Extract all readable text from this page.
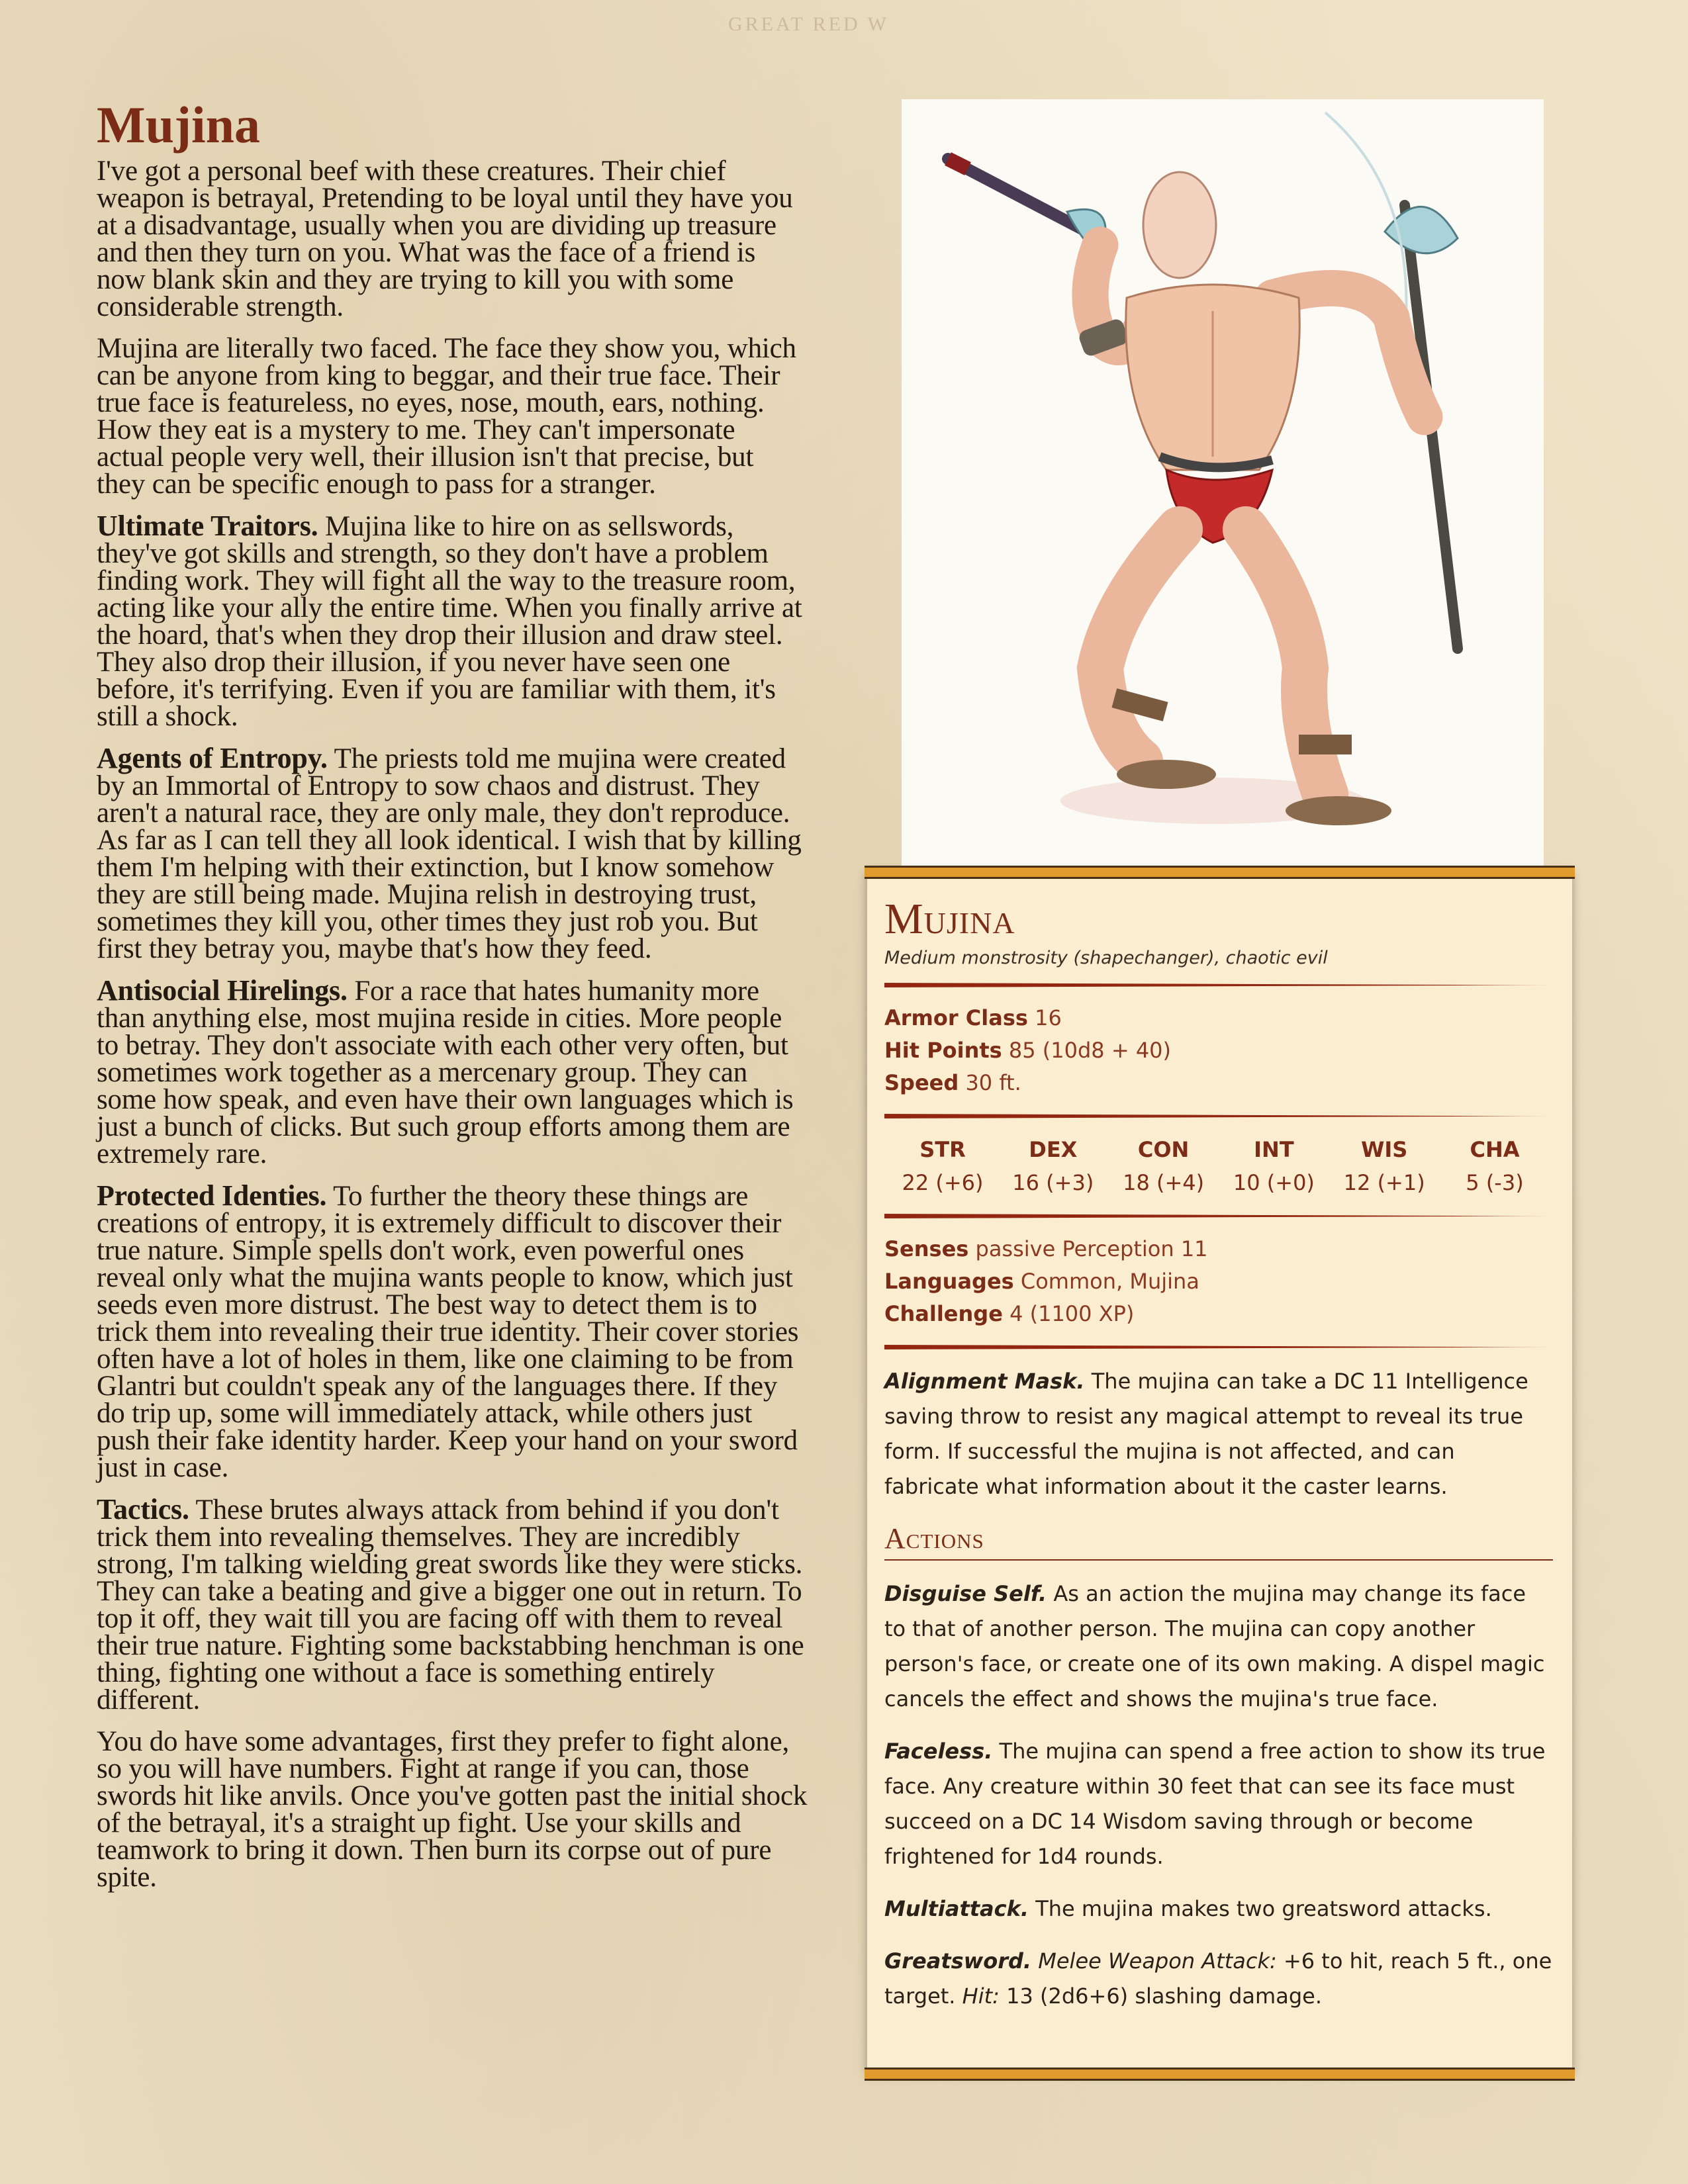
GREAT RED W
Mujina

I've got a personal beef with these creatures. Their chief weapon is betrayal, Pretending to be loyal until they have you at a disadvantage, usually when you are dividing up treasure and then they turn on you. What was the face of a friend is now blank skin and they are trying to kill you with some considerable strength.

Mujina are literally two faced. The face they show you, which can be anyone from king to beggar, and their true face. Their true face is featureless, no eyes, nose, mouth, ears, nothing. How they eat is a mystery to me. They can't impersonate actual people very well, their illusion isn't that precise, but they can be specific enough to pass for a stranger.

Ultimate Traitors. Mujina like to hire on as sellswords, they've got skills and strength, so they don't have a problem finding work. They will fight all the way to the treasure room, acting like your ally the entire time. When you finally arrive at the hoard, that's when they drop their illusion and draw steel. They also drop their illusion, if you never have seen one before, it's terrifying. Even if you are familiar with them, it's still a shock.

Agents of Entropy. The priests told me mujina were created by an Immortal of Entropy to sow chaos and distrust. They aren't a natural race, they are only male, they don't reproduce. As far as I can tell they all look identical. I wish that by killing them I'm helping with their extinction, but I know somehow they are still being made. Mujina relish in destroying trust, sometimes they kill you, other times they just rob you. But first they betray you, maybe that's how they feed.

Antisocial Hirelings. For a race that hates humanity more than anything else, most mujina reside in cities. More people to betray. They don't associate with each other very often, but sometimes work together as a mercenary group. They can some how speak, and even have their own languages which is just a bunch of clicks. But such group efforts among them are extremely rare.

Protected Identies. To further the theory these things are creations of entropy, it is extremely difficult to discover their true nature. Simple spells don't work, even powerful ones reveal only what the mujina wants people to know, which just seeds even more distrust. The best way to detect them is to trick them into revealing their true identity. Their cover stories often have a lot of holes in them, like one claiming to be from Glantri but couldn't speak any of the languages there. If they do trip up, some will immediately attack, while others just push their fake identity harder. Keep your hand on your sword just in case.

Tactics. These brutes always attack from behind if you don't trick them into revealing themselves. They are incredibly strong, I'm talking wielding great swords like they were sticks. They can take a beating and give a bigger one out in return. To top it off, they wait till you are facing off with them to reveal their true nature. Fighting some backstabbing henchman is one thing, fighting one without a face is something entirely different.

You do have some advantages, first they prefer to fight alone, so you will have numbers. Fight at range if you can, those swords hit like anvils. Once you've gotten past the initial shock of the betrayal, it's a straight up fight. Use your skills and teamwork to bring it down. Then burn its corpse out of pure spite.

Mujina
Medium monstrosity (shapechanger), chaotic evil
Armor Class 16
Hit Points 85 (10d8 + 40)
Speed 30 ft.
STR
22 (+6)
DEX
16 (+3)
CON
18 (+4)
INT
10 (+0)
WIS
12 (+1)
CHA
5 (-3)
Senses passive Perception 11
Languages Common, Mujina
Challenge 4 (1100 XP)

Alignment Mask. The mujina can take a DC 11 Intelligence saving throw to resist any magical attempt to reveal its true form. If successful the mujina is not affected, and can fabricate what information about it the caster learns.

Actions

Disguise Self. As an action the mujina may change its face to that of another person. The mujina can copy another person's face, or create one of its own making. A dispel magic cancels the effect and shows the mujina's true face.

Faceless. The mujina can spend a free action to show its true face. Any creature within 30 feet that can see its face must succeed on a DC 14 Wisdom saving through or become frightened for 1d4 rounds.

Multiattack. The mujina makes two greatsword attacks.

Greatsword. Melee Weapon Attack: +6 to hit, reach 5 ft., one target. Hit: 13 (2d6+6) slashing damage.
